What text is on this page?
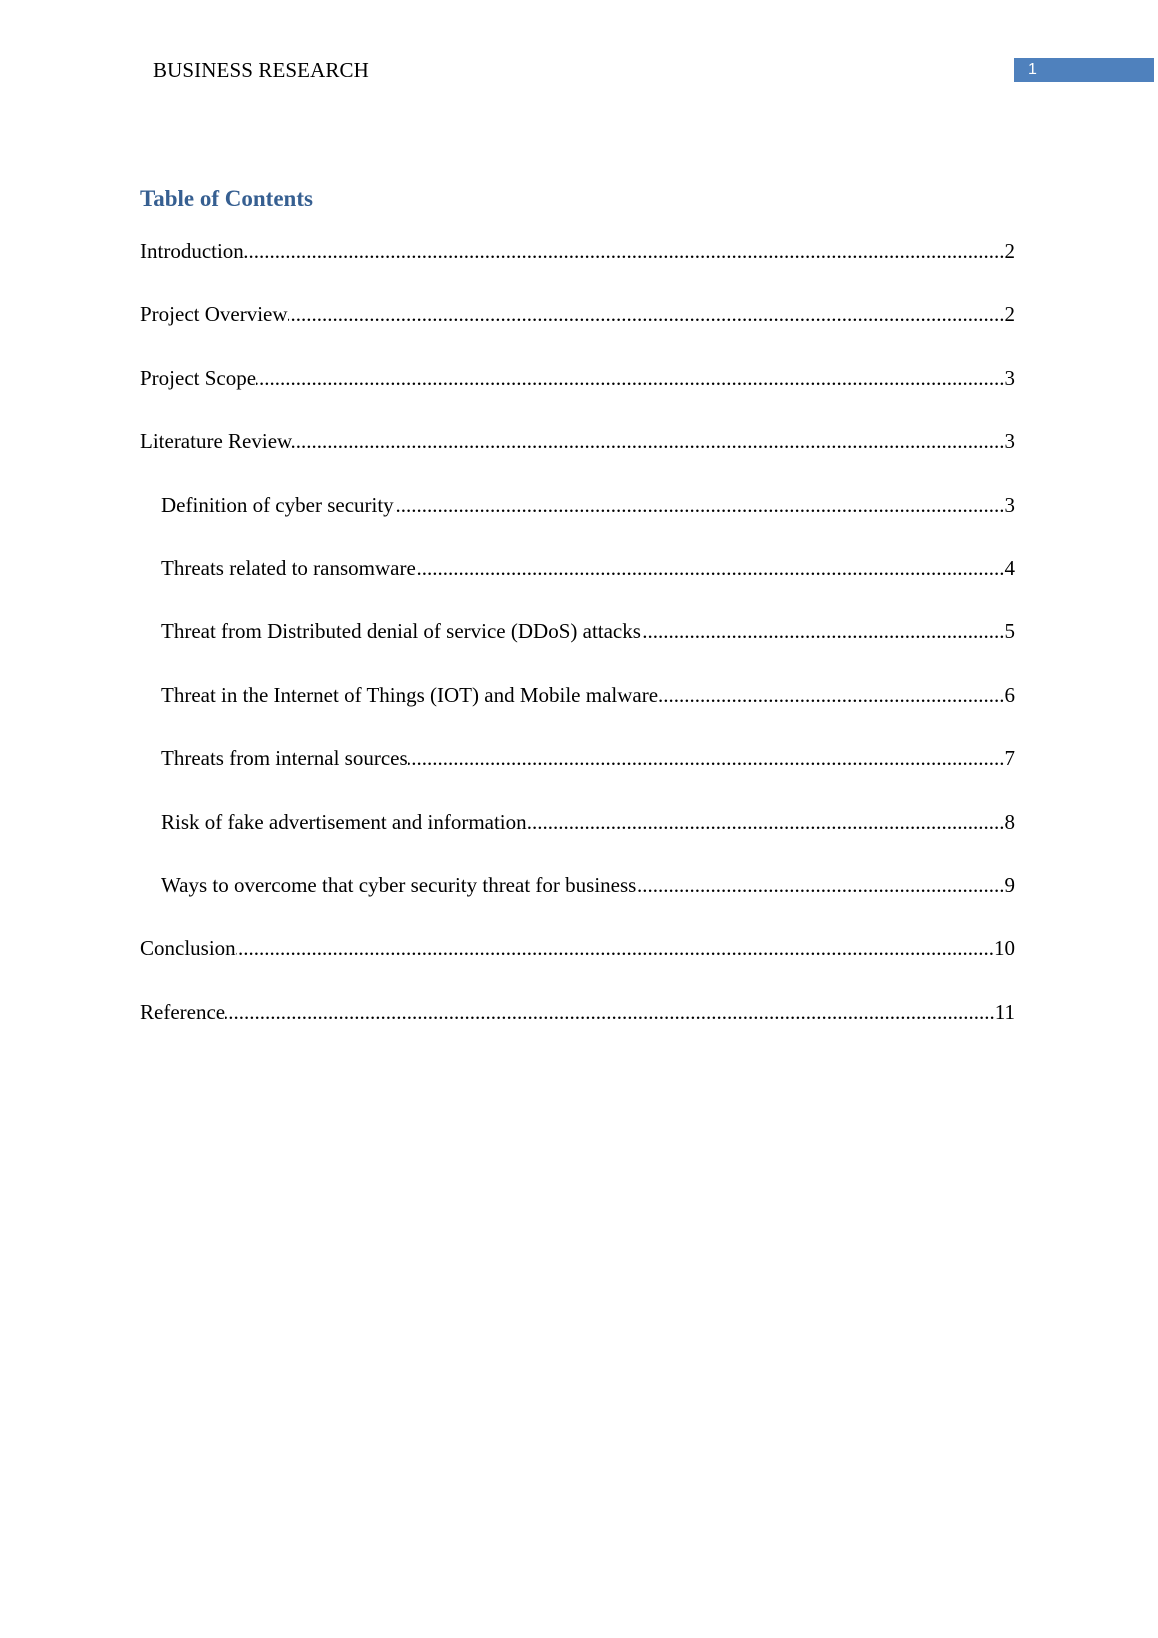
BUSINESS RESEARCH	1
Table of Contents
Introduction .....	2
Project Overview .....	2
Project Scope .....	3
Literature Review .....	3
Definition of cyber security .....	3
Threats related to ransomware .....	4
Threat from Distributed denial of service (DDoS) attacks .....	5
Threat in the Internet of Things (IOT) and Mobile malware .....	6
Threats from internal sources .....	7
Risk of fake advertisement and information .....	8
Ways to overcome that cyber security threat for business .....	9
Conclusion .....	10
Reference .....	11
